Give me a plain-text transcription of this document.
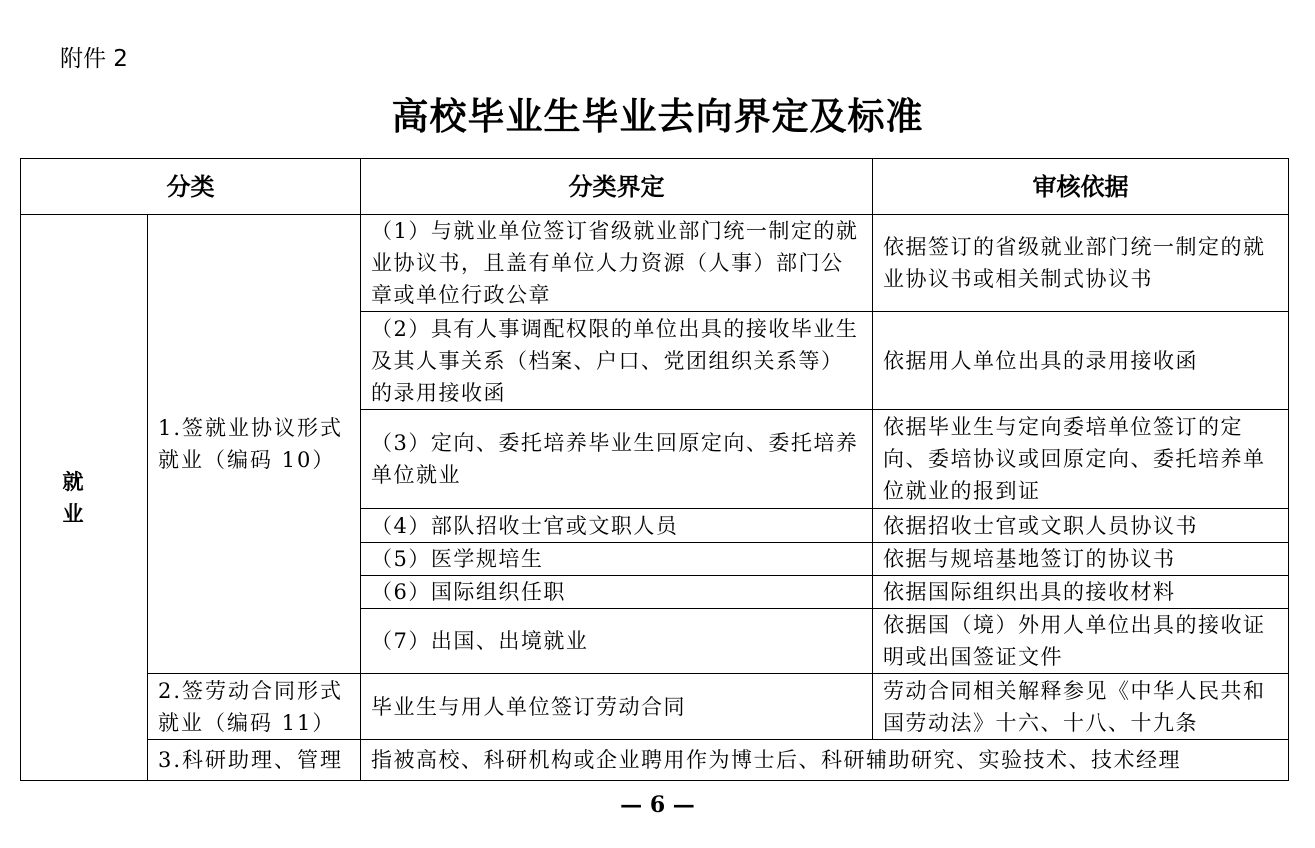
附件 2
高校毕业生毕业去向界定及标准
分类		分类界定	审核依据
就 业	1.签就业协议形式就业（编码 10）	（1）与就业单位签订省级就业部门统一制定的就业协议书，且盖有单位人力资源（人事）部门公章或单位行政公章	依据签订的省级就业部门统一制定的就业协议书或相关制式协议书
		（2）具有人事调配权限的单位出具的接收毕业生及其人事关系（档案、户口、党团组织关系等）的录用接收函	依据用人单位出具的录用接收函
		（3）定向、委托培养毕业生回原定向、委托培养单位就业	依据毕业生与定向委培单位签订的定向、委培协议或回原定向、委托培养单位就业的报到证
		（4）部队招收士官或文职人员	依据招收士官或文职人员协议书
		（5）医学规培生	依据与规培基地签订的协议书
		（6）国际组织任职	依据国际组织出具的接收材料
		（7）出国、出境就业	依据国（境）外用人单位出具的接收证明或出国签证文件
	2.签劳动合同形式就业（编码 11）	毕业生与用人单位签订劳动合同	劳动合同相关解释参见《中华人民共和国劳动法》十六、十八、十九条
	3.科研助理、管理	指被高校、科研机构或企业聘用作为博士后、科研辅助研究、实验技术、技术经理	
— 6 —
